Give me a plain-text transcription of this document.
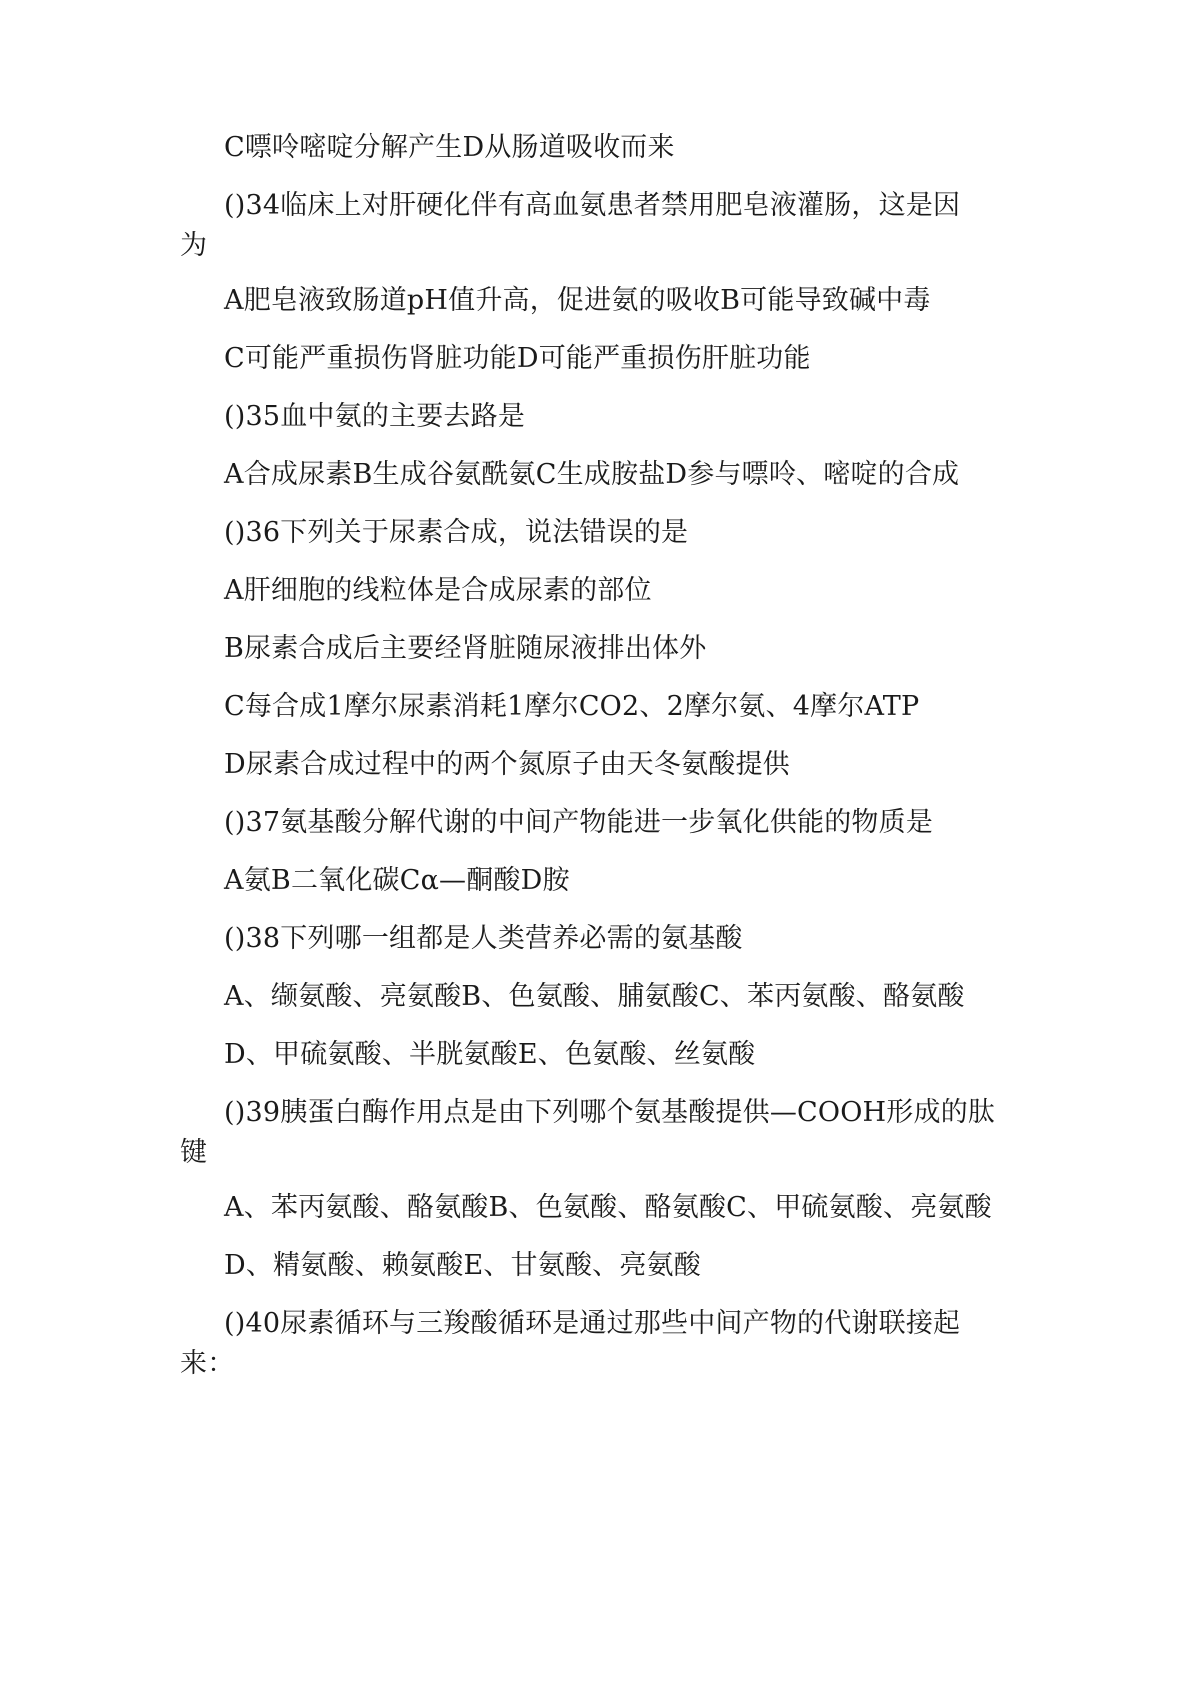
C嘌呤嘧啶分解产生D从肠道吸收而来
()34临床上对肝硬化伴有高血氨患者禁用肥皂液灌肠，这是因
为
A肥皂液致肠道pH值升高，促进氨的吸收B可能导致碱中毒
C可能严重损伤肾脏功能D可能严重损伤肝脏功能
()35血中氨的主要去路是
A合成尿素B生成谷氨酰氨C生成胺盐D参与嘌呤、嘧啶的合成
()36下列关于尿素合成，说法错误的是
A肝细胞的线粒体是合成尿素的部位
B尿素合成后主要经肾脏随尿液排出体外
C每合成1摩尔尿素消耗1摩尔CO2、2摩尔氨、4摩尔ATP
D尿素合成过程中的两个氮原子由天冬氨酸提供
()37氨基酸分解代谢的中间产物能进一步氧化供能的物质是
A氨B二氧化碳Cα—酮酸D胺
()38下列哪一组都是人类营养必需的氨基酸
A、缬氨酸、亮氨酸B、色氨酸、脯氨酸C、苯丙氨酸、酪氨酸
D、甲硫氨酸、半胱氨酸E、色氨酸、丝氨酸
()39胰蛋白酶作用点是由下列哪个氨基酸提供—COOH形成的肽
键
A、苯丙氨酸、酪氨酸B、色氨酸、酪氨酸C、甲硫氨酸、亮氨酸
D、精氨酸、赖氨酸E、甘氨酸、亮氨酸
()40尿素循环与三羧酸循环是通过那些中间产物的代谢联接起
来：
